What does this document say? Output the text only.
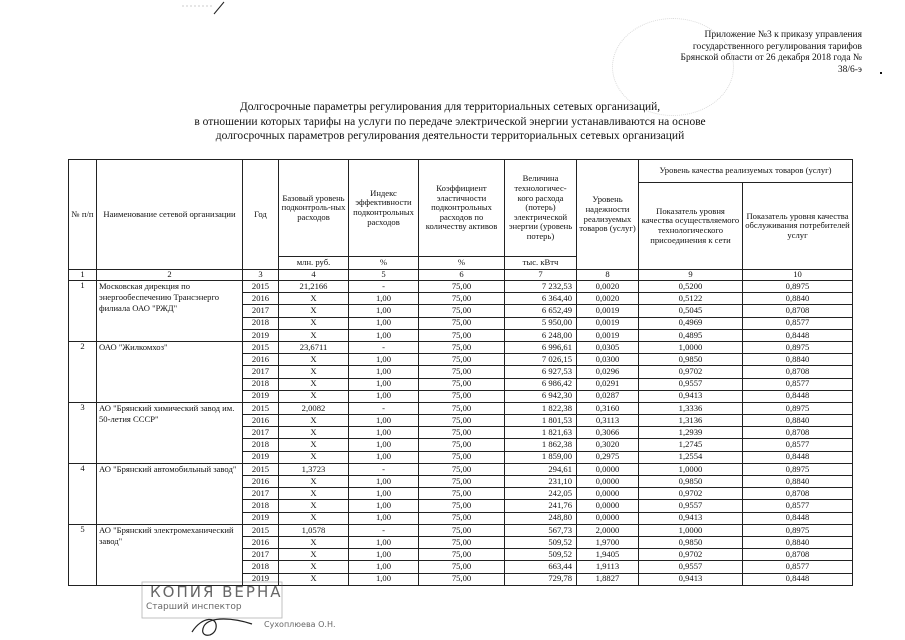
Приложение №3 к приказу управления
государственного регулирования тарифов
Брянской области от 26 декабря 2018 года №
38/6-э
Долгосрочные параметры регулирования для территориальных сетевых организаций,
в отношении которых тарифы на услуги по передаче электрической энергии устанавливаются на основе
долгосрочных параметров регулирования деятельности территориальных сетевых организаций
№ п/п	Наименование сетевой организации	Год	Базовый уровень подконтроль-ных расходов	Индекс эффективности подконтрольных расходов	Коэффициент эластичности подконтрольных расходов по количеству активов	Величина технологичес-кого расхода (потерь) электрической энергии (уровень потерь)	Уровень надежности реализуемых товаров (услуг)	Уровень качества реализуемых товаров (услуг)	
								Показатель уровня качества осуществляемого технологического присоединения к сети	Показатель уровня качества обслуживания потребителей услуг
			млн. руб.	%	%	тыс. кВтч			
1	2	3	4	5	6	7	8	9	10
1	Московская дирекция по энергообеспечению Трансэнерго филиала ОАО "РЖД"	2015	21,2166	-	75,00	7 232,53	0,0020	0,5200	0,8975
		2016	X	1,00	75,00	6 364,40	0,0020	0,5122	0,8840
		2017	X	1,00	75,00	6 652,49	0,0019	0,5045	0,8708
		2018	X	1,00	75,00	5 950,00	0,0019	0,4969	0,8577
		2019	X	1,00	75,00	6 248,00	0,0019	0,4895	0,8448
2	ОАО "Жилкомхоз"	2015	23,6711	-	75,00	6 996,61	0,0305	1,0000	0,8975
		2016	X	1,00	75,00	7 026,15	0,0300	0,9850	0,8840
		2017	X	1,00	75,00	6 927,53	0,0296	0,9702	0,8708
		2018	X	1,00	75,00	6 986,42	0,0291	0,9557	0,8577
		2019	X	1,00	75,00	6 942,30	0,0287	0,9413	0,8448
3	АО "Брянский химический завод им. 50-летия СССР"	2015	2,0082	-	75,00	1 822,38	0,3160	1,3336	0,8975
		2016	X	1,00	75,00	1 801,53	0,3113	1,3136	0,8840
		2017	X	1,00	75,00	1 821,63	0,3066	1,2939	0,8708
		2018	X	1,00	75,00	1 862,38	0,3020	1,2745	0,8577
		2019	X	1,00	75,00	1 859,00	0,2975	1,2554	0,8448
4	АО "Брянский автомобильный завод"	2015	1,3723	-	75,00	294,61	0,0000	1,0000	0,8975
		2016	X	1,00	75,00	231,10	0,0000	0,9850	0,8840
		2017	X	1,00	75,00	242,05	0,0000	0,9702	0,8708
		2018	X	1,00	75,00	241,76	0,0000	0,9557	0,8577
		2019	X	1,00	75,00	248,80	0,0000	0,9413	0,8448
5	АО "Брянский электромеханический завод"	2015	1,0578	-	75,00	567,73	2,0000	1,0000	0,8975
		2016	X	1,00	75,00	509,52	1,9700	0,9850	0,8840
		2017	X	1,00	75,00	509,52	1,9405	0,9702	0,8708
		2018	X	1,00	75,00	663,44	1,9113	0,9557	0,8577
		2019	X	1,00	75,00	729,78	1,8827	0,9413	0,8448
КОПИЯ ВЕРНА
Старший инспектор
Сухоплюева О.Н.
